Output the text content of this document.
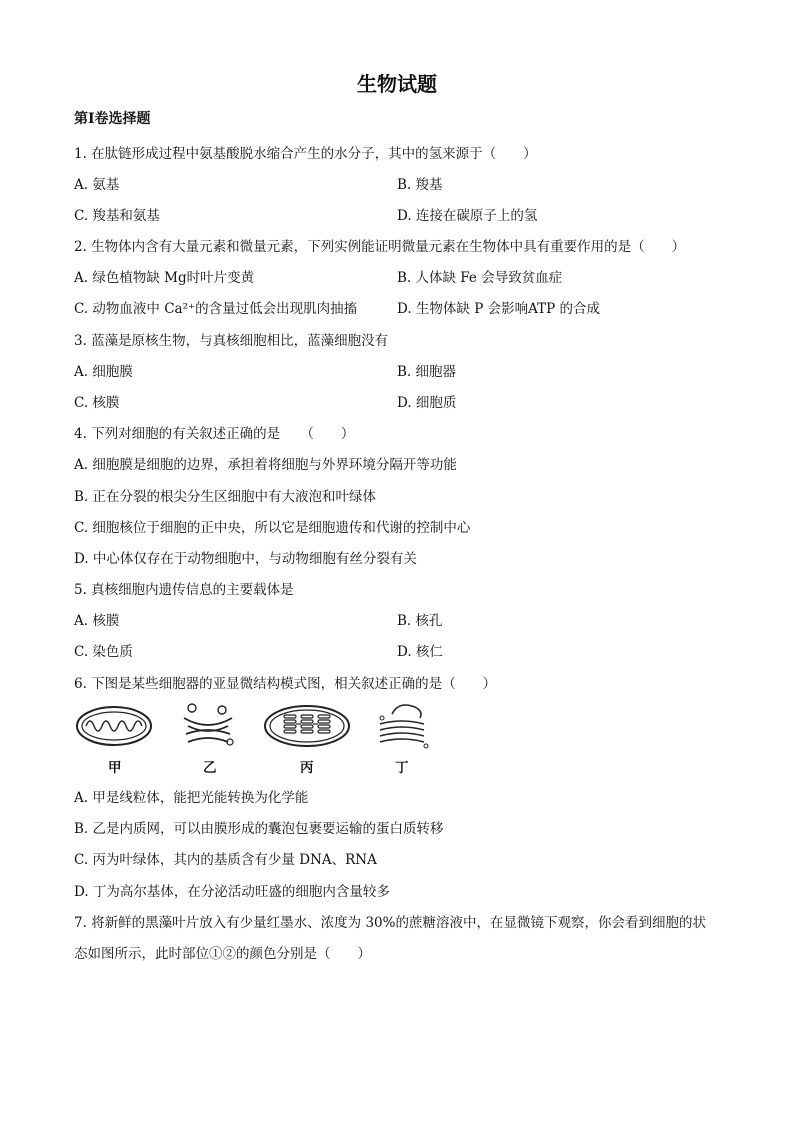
生物试题
第Ⅰ卷选择题
1. 在肽链形成过程中氨基酸脱水缩合产生的水分子，其中的氢来源于（　　）
A. 氨基	B. 羧基
C. 羧基和氨基	D. 连接在碳原子上的氢
2. 生物体内含有大量元素和微量元素，下列实例能证明微量元素在生物体中具有重要作用的是（　　）
A. 绿色植物缺 Mg时叶片变黄	B. 人体缺 Fe 会导致贫血症
C. 动物血液中 Ca²⁺的含量过低会出现肌肉抽搐	D. 生物体缺 P 会影响ATP 的合成
3. 蓝藻是原核生物，与真核细胞相比，蓝藻细胞没有
A. 细胞膜	B. 细胞器
C. 核膜	D. 细胞质
4. 下列对细胞的有关叙述正确的是　　（　　）
A. 细胞膜是细胞的边界，承担着将细胞与外界环境分隔开等功能
B. 正在分裂的根尖分生区细胞中有大液泡和叶绿体
C. 细胞核位于细胞的正中央，所以它是细胞遗传和代谢的控制中心
D. 中心体仅存在于动物细胞中，与动物细胞有丝分裂有关
5. 真核细胞内遗传信息的主要载体是
A. 核膜	B. 核孔
C. 染色质	D. 核仁
6. 下图是某些细胞器的亚显微结构模式图，相关叙述正确的是（　　）
甲	乙	丙	丁
A. 甲是线粒体，能把光能转换为化学能
B. 乙是内质网，可以由膜形成的囊泡包裹要运输的蛋白质转移
C. 丙为叶绿体，其内的基质含有少量 DNA、RNA
D. 丁为高尔基体，在分泌活动旺盛的细胞内含量较多
7. 将新鲜的黑藻叶片放入有少量红墨水、浓度为 30%的蔗糖溶液中，在显微镜下观察，你会看到细胞的状
态如图所示，此时部位①②的颜色分别是（　　）
